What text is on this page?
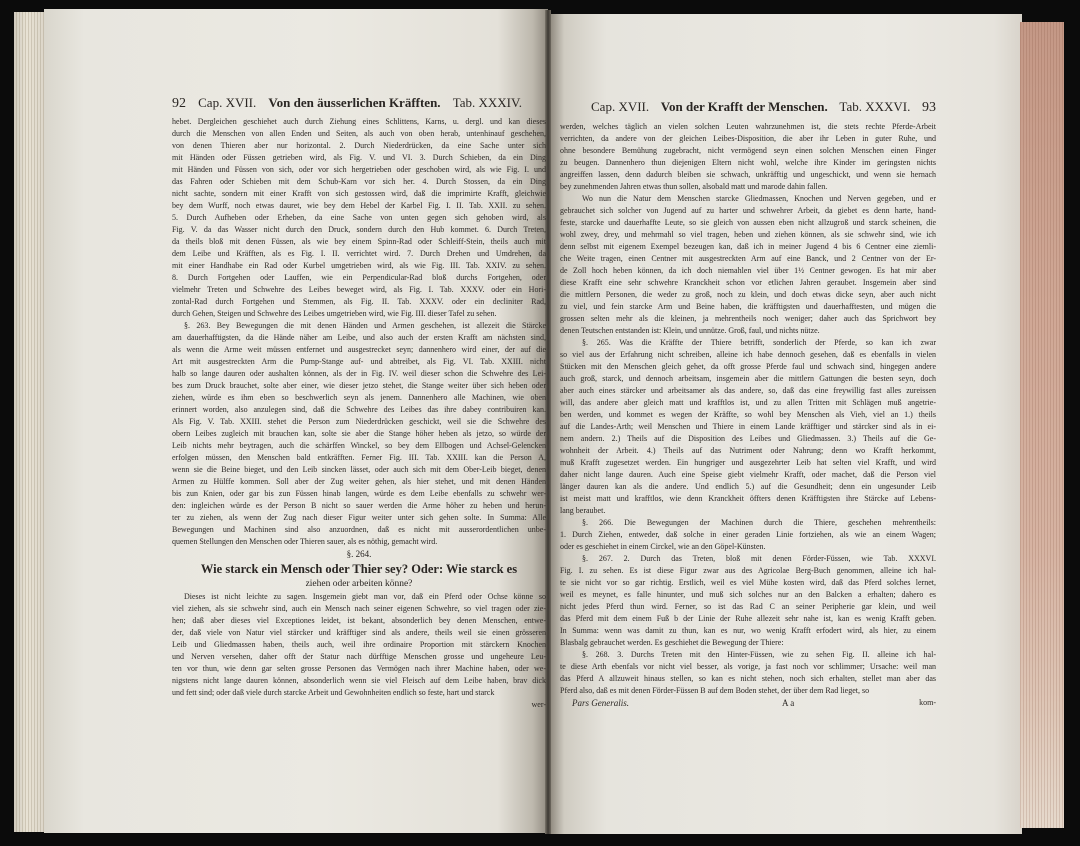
92 Cap. XVII. Von den äusserlichen Kräfften. Tab. XXXIV.	Cap. XVII. Von der Krafft der Menschen. Tab. XXXVI. 93
hebet. Dergleichen geschiehet auch durch Ziehung eines Schlittens, Karns, u. dergl. und kan dieses
durch die Menschen von allen Enden und Seiten, als auch von oben herab, untenhinauf geschehen,
von denen Thieren aber nur horizontal. 2. Durch Niederdrücken, da eine Sache unter sich
mit Händen oder Füssen getrieben wird, als Fig. V. und VI. 3. Durch Schieben, da ein Ding
mit Händen und Füssen von sich, oder vor sich hergetrieben oder geschoben wird, als wie Fig. I. und
das Fahren oder Schieben mit dem Schub-Karn vor sich her. 4. Durch Stossen, da ein Ding
nicht sachte, sondern mit einer Krafft von sich gestossen wird, daß die imprimirte Krafft, gleichwie
bey dem Wurff, noch etwas dauret, wie bey dem Hebel der Karbel Fig. I. II. Tab. XXII. zu sehen.
5. Durch Aufheben oder Erheben, da eine Sache von unten gegen sich gehoben wird, als
Fig. V. da das Wasser nicht durch den Druck, sondern durch den Hub kommet. 6. Durch Treten,
da theils bloß mit denen Füssen, als wie bey einem Spinn-Rad oder Schleiff-Stein, theils auch mit
dem Leibe und Kräfften, als es Fig. I. II. verrichtet wird. 7. Durch Drehen und Umdrehen, da
mit einer Handhabe ein Rad oder Kurbel umgetrieben wird, als wie Fig. III. Tab. XXIV. zu sehen.
8. Durch Fortgehen oder Lauffen, wie ein Perpendicular-Rad bloß durchs Fortgehen, oder
vielmehr Treten und Schwehre des Leibes beweget wird, als Fig. I. Tab. XXXV. oder ein Hori-
zontal-Rad durch Fortgehen und Stemmen, als Fig. II. Tab. XXXV. oder ein decliniter Rad,
durch Gehen, Steigen und Schwehre des Leibes umgetrieben wird, wie Fig. III. dieser Tafel zu sehen.
§. 263. Bey Bewegungen die mit denen Händen und Armen geschehen, ist allezeit die Stärcke
am dauerhafftigsten, da die Hände näher am Leibe, und also auch der ersten Krafft am nächsten sind,
als wenn die Arme weit müssen entfernet und ausgestrecket seyn; dannenhero wird einer, der auf die
Art mit ausgestreckten Arm die Pump-Stange auf- und abtreibet, als Fig. VI. Tab. XXIII. nicht
halb so lange dauren oder aushalten können, als der in Fig. IV. weil dieser schon die Schwehre des Lei-
bes zum Druck brauchet, solte aber einer, wie dieser jetzo stehet, die Stange weiter über sich heben oder
ziehen, würde es ihm eben so beschwerlich seyn als jenem. Dannenhero alle Machinen, wie oben
erinnert worden, also anzulegen sind, daß die Schwehre des Leibes das ihre dabey contribuiren kan.
Als Fig. V. Tab. XXIII. stehet die Person zum Niederdrücken geschickt, weil sie die Schwehre des
obern Leibes zugleich mit brauchen kan, solte sie aber die Stange höher heben als jetzo, so würde der
Leib nichts mehr beytragen, auch die schärffen Winckel, so bey dem Ellbogen und Achsel-Gelencken
erfolgen müssen, den Menschen bald entkräfften. Ferner Fig. III. Tab. XXIII. kan die Person A,
wenn sie die Beine bieget, und den Leib sincken lässet, oder auch sich mit dem Ober-Leib bieget, denen
Armen zu Hülffe kommen. Soll aber der Zug weiter gehen, als hier stehet, und mit denen Händen
bis zun Knien, oder gar bis zun Füssen hinab langen, würde es dem Leibe ebenfalls zu schwehr wer-
den: ingleichen würde es der Person B nicht so sauer werden die Arme höher zu heben und herun-
ter zu ziehen, als wenn der Zug nach dieser Figur weiter unter sich gehen solte. In Summa: Alle
Bewegungen und Machinen sind also anzuordnen, daß es nicht mit ausserordentlichen unbe-
quemen Stellungen den Menschen oder Thieren sauer, als es nöthig, gemacht wird.
§. 264.
Wie starck ein Mensch oder Thier sey? Oder: Wie starck es
ziehen oder arbeiten könne?
Dieses ist nicht leichte zu sagen. Insgemein giebt man vor, daß ein Pferd oder Ochse könne so
viel ziehen, als sie schwehr sind, auch ein Mensch nach seiner eigenen Schwehre, so viel tragen oder zie-
hen; daß aber dieses viel Exceptiones leidet, ist bekant, absonderlich bey denen Menschen, entwe-
der, daß viele von Natur viel stärcker und kräfftiger sind als andere, theils weil sie einen grösseren
Leib und Gliedmassen haben, theils auch, weil ihre ordinaire Proportion mit stärckern Knochen
und Nerven versehen, daher offt der Statur nach dürfftige Menschen grosse und ungeheure Leu-
ten vor thun, wie denn gar selten grosse Personen das Vermögen nach ihrer Machine haben, oder we-
nigstens nicht lange dauren können, absonderlich wenn sie viel Fleisch auf dem Leibe haben, brav dick
und fett sind; oder daß viele durch starcke Arbeit und Gewohnheiten endlich so feste, hart und starck
wer-
werden, welches täglich an vielen solchen Leuten wahrzunehmen ist, die stets rechte Pferde-Arbeit
verrichten, da andere von der gleichen Leibes-Disposition, die aber ihr Leben in guter Ruhe, und
ohne besondere Bemühung zugebracht, nicht vermögend seyn einen solchen Menschen einen Finger
zu beugen. Dannenhero thun diejenigen Eltern nicht wohl, welche ihre Kinder im geringsten nichts
angreiffen lassen, denn dadurch bleiben sie schwach, unkräfftig und ungeschickt, und wenn sie hernach
bey zunehmenden Jahren etwas thun sollen, alsobald matt und marode dahin fallen.
Wo nun die Natur dem Menschen starcke Gliedmassen, Knochen und Nerven gegeben, und er
gebrauchet sich solcher von Jugend auf zu harter und schwehrer Arbeit, da giebet es denn harte, hand-
feste, starcke und dauerhaffte Leute, so sie gleich von aussen eben nicht allzugroß und starck scheinen, die
wohl zwey, drey, und mehrmahl so viel tragen, heben und ziehen können, als sie schwehr sind, wie ich
denn selbst mit eigenem Exempel bezeugen kan, daß ich in meiner Jugend 4 bis 6 Centner eine ziemli-
che Weite tragen, einen Centner mit ausgestreckten Arm auf eine Banck, und 2 Centner von der Er-
de Zoll hoch heben können, da ich doch niemahlen viel über 1½ Centner gewogen. Es hat mir aber
diese Krafft eine sehr schwehre Kranckheit schon vor etlichen Jahren geraubet. Insgemein aber sind
die mittlern Personen, die weder zu groß, noch zu klein, und doch etwas dicke seyn, aber auch nicht
zu viel, und fein starcke Arm und Beine haben, die kräfftigsten und dauerhafftesten, und mügen die
grossen selten mehr als die kleinen, ja mehrentheils noch weniger; daher auch das Sprichwort bey
denen Teutschen entstanden ist: Klein, und unnütze. Groß, faul, und nichts nütze.
§. 265. Was die Kräffte der Thiere betrifft, sonderlich der Pferde, so kan ich zwar
so viel aus der Erfahrung nicht schreiben, alleine ich habe dennoch gesehen, daß es ebenfalls in vielen
Stücken mit den Menschen gleich gehet, da offt grosse Pferde faul und schwach sind, hingegen andere
auch groß, starck, und dennoch arbeitsam, insgemein aber die mittlern Gattungen die besten seyn, doch
aber auch eines stärcker und arbeitsamer als das andere, so, daß das eine freywillig fast alles zureissen
will, das andere aber gleich matt und krafftlos ist, und zu allen Tritten mit Schlägen muß angetrie-
ben werden, und kommet es wegen der Kräffte, so wohl bey Menschen als Vieh, viel an 1.) theils
auf die Landes-Arth; weil Menschen und Thiere in einem Lande kräfftiger und stärcker sind als in ei-
nem andern. 2.) Theils auf die Disposition des Leibes und Gliedmassen. 3.) Theils auf die Ge-
wohnheit der Arbeit. 4.) Theils auf das Nutriment oder Nahrung; denn wo Krafft herkommt,
muß Krafft zugesetzet werden. Ein hungriger und ausgezehrter Leib hat selten viel Krafft, und wird
daher nicht lange dauren. Auch eine Speise giebt vielmehr Krafft, oder machet, daß die Person viel
länger dauren kan als die andere. Und endlich 5.) auf die Gesundheit; denn ein ungesunder Leib
ist meist matt und krafftlos, wie denn Kranckheit öffters denen Kräfftigsten ihre Stärcke auf Lebens-
lang beraubet.
§. 266. Die Bewegungen der Machinen durch die Thiere, geschehen mehrentheils:
1. Durch Ziehen, entweder, daß solche in einer geraden Linie fortziehen, als wie an einem Wagen;
oder es geschiehet in einem Circkel, wie an den Göpel-Künsten.
§. 267. 2. Durch das Treten, bloß mit denen Förder-Füssen, wie Tab. XXXVI.
Fig. I. zu sehen. Es ist diese Figur zwar aus des Agricolae Berg-Buch genommen, alleine ich hal-
te sie nicht vor so gar richtig. Erstlich, weil es viel Mühe kosten wird, daß das Pferd solches lernet,
weil es meynet, es falle hinunter, und muß sich solches nur an den Balcken a erhalten; dahero es
nicht jedes Pferd thun wird. Ferner, so ist das Rad C an seiner Peripherie gar klein, und weil
das Pferd mit dem einem Fuß b der Linie der Ruhe allezeit sehr nahe ist, kan es wenig Krafft geben.
In Summa: wenn was damit zu thun, kan es nur, wo wenig Krafft erfodert wird, als hier, zu einem
Blasbalg gebrauchet werden. Es geschiehet die Bewegung der Thiere:
§. 268. 3. Durchs Treten mit den Hinter-Füssen, wie zu sehen Fig. II. alleine ich hal-
te diese Arth ebenfals vor nicht viel besser, als vorige, ja fast noch vor schlimmer; Ursache: weil man
das Pferd A allzuweit hinaus stellen, so kan es nicht stehen, noch sich erhalten, stellet man aber das
Pferd also, daß es mit denen Förder-Füssen B auf dem Boden stehet, der über dem Rad lieget, so
Pars Generalis.	A a	kom-
